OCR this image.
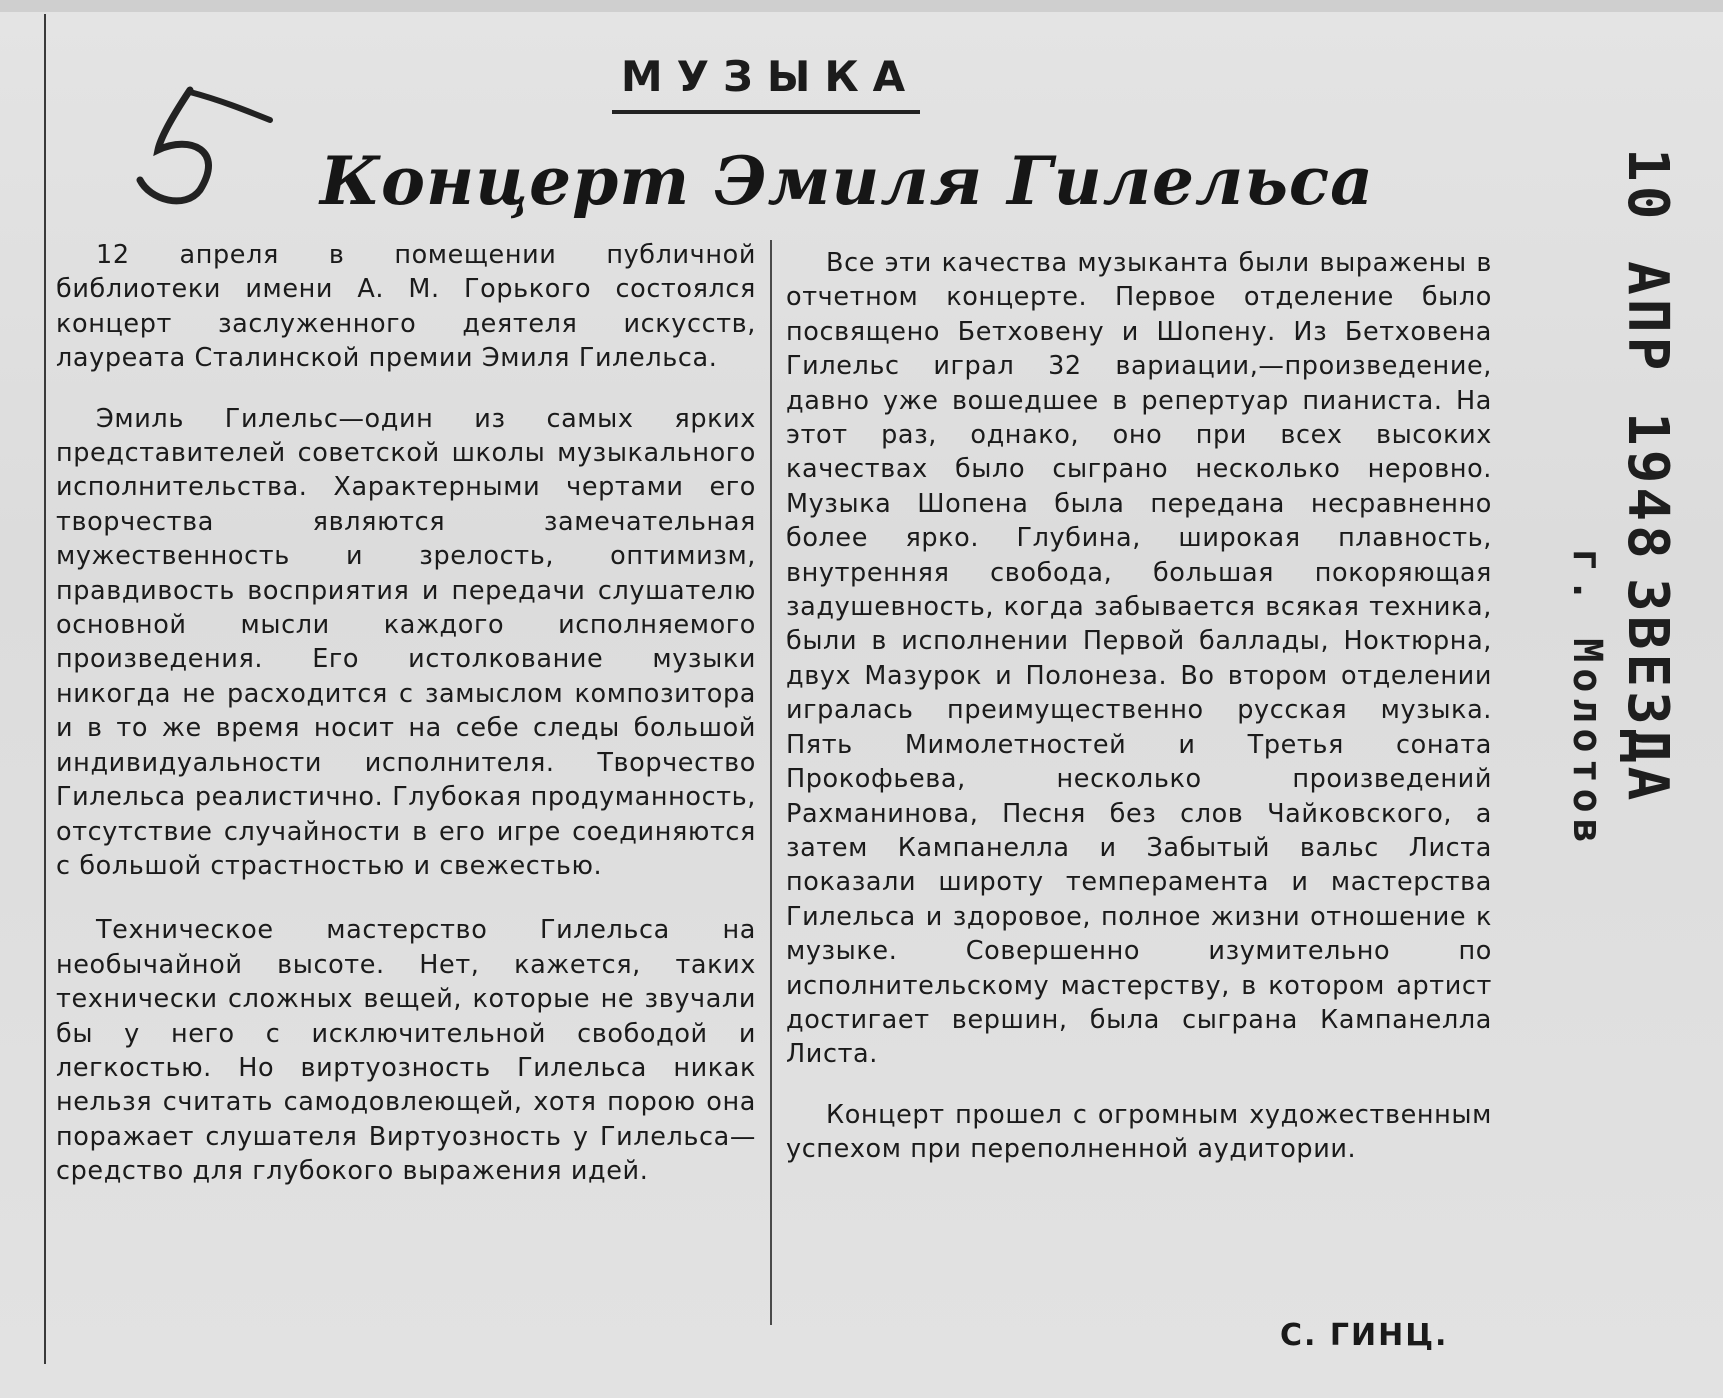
МУЗЫКА
Концерт Эмиля Гилельса

12 апреля в помещении публичной библиотеки имени А. М. Горького состоялся концерт заслуженного деятеля искусств, лауреата Сталинской премии Эмиля Гилельса.

Эмиль Гилельс—один из самых ярких представителей советской школы музыкального исполнительства. Характерными чертами его творчества являются замечательная мужественность и зрелость, оптимизм, правдивость восприятия и передачи слушателю основной мысли каждого исполняемого произведения. Его истолкование музыки никогда не расходится с замыслом композитора и в то же время носит на себе следы большой индивидуальности исполнителя. Творчество Гилельса реалистично. Глубокая продуманность, отсутствие случайности в его игре соединяются с большой страстностью и свежестью.

Техническое мастерство Гилельса на необычайной высоте. Нет, кажется, таких технически сложных вещей, которые не звучали бы у него с исключительной свободой и легкостью. Но виртуозность Гилельса никак нельзя считать самодовлеющей, хотя порою она поражает слушателя Виртуозность у Гилельса—средство для глубокого выражения идей.

Все эти качества музыканта были выражены в отчетном концерте. Первое отделение было посвящено Бетховену и Шопену. Из Бетховена Гилельс играл 32 вариации,—произведение, давно уже вошедшее в репертуар пианиста. На этот раз, однако, оно при всех высоких качествах было сыграно несколько неровно. Музыка Шопена была передана несравненно более ярко. Глубина, широкая плавность, внутренняя свобода, большая покоряющая задушевность, когда забывается всякая техника, были в исполнении Первой баллады, Ноктюрна, двух Мазурок и Полонеза. Во втором отделении игралась преимущественно русская музыка. Пять Мимолетностей и Третья соната Прокофьева, несколько произведений Рахманинова, Песня без слов Чайковского, а затем Кампанелла и Забытый вальс Листа показали широту темперамента и мастерства Гилельса и здоровое, полное жизни отношение к музыке. Совершенно изумительно по исполнительскому мастерству, в котором артист достигает вершин, была сыграна Кампанелла Листа.

Концерт прошел с огромным художественным успехом при переполненной аудитории.

С. ГИНЦ.
10 АПР 1948
ЗВЕЗДА
г. Молотов
